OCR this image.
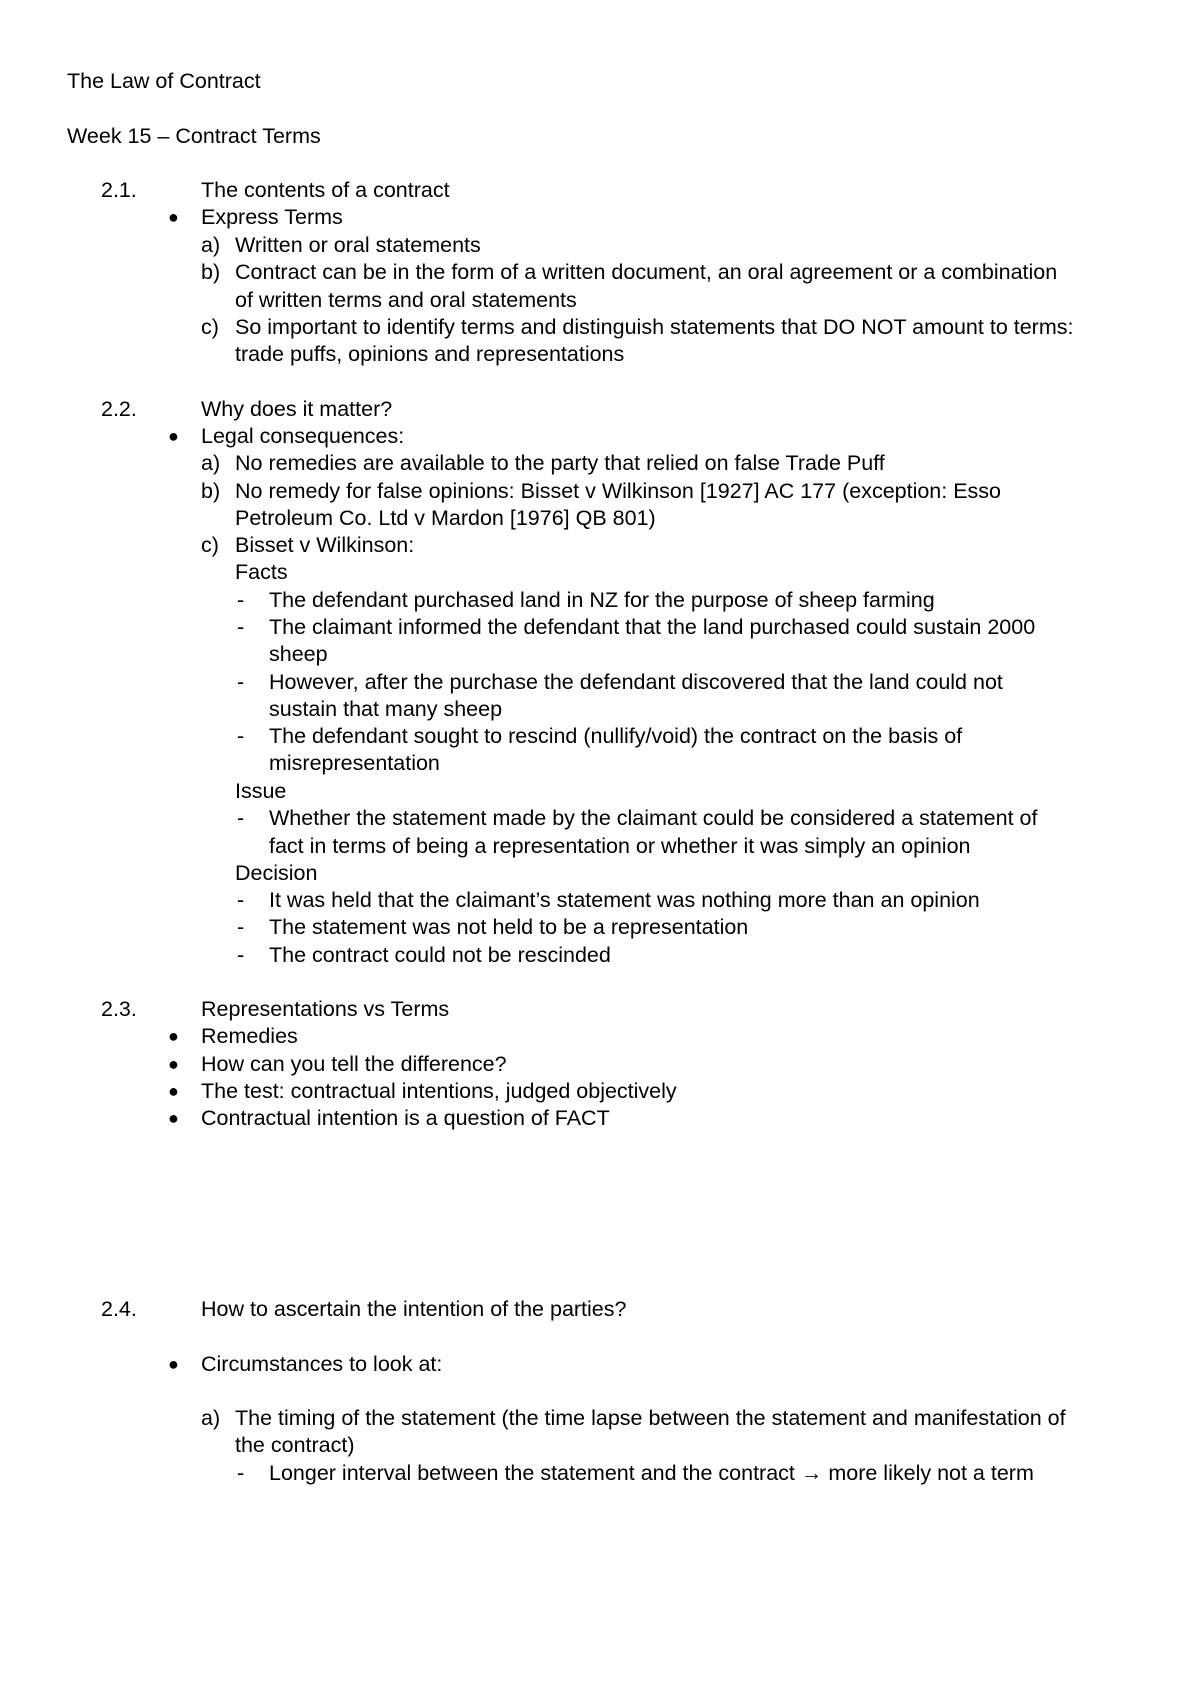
The Law of Contract
Week 15 – Contract Terms
2.1.	The contents of a contract
● Express Terms
a) Written or oral statements
b) Contract can be in the form of a written document, an oral agreement or a combination
of written terms and oral statements
c) So important to identify terms and distinguish statements that DO NOT amount to terms:
trade puffs, opinions and representations
2.2.	Why does it matter?
● Legal consequences:
a) No remedies are available to the party that relied on false Trade Puff
b) No remedy for false opinions: Bisset v Wilkinson [1927] AC 177 (exception: Esso
Petroleum Co. Ltd v Mardon [1976] QB 801)
c) Bisset v Wilkinson:
Facts
- The defendant purchased land in NZ for the purpose of sheep farming
- The claimant informed the defendant that the land purchased could sustain 2000
sheep
- However, after the purchase the defendant discovered that the land could not
sustain that many sheep
- The defendant sought to rescind (nullify/void) the contract on the basis of
misrepresentation
Issue
- Whether the statement made by the claimant could be considered a statement of
fact in terms of being a representation or whether it was simply an opinion
Decision
- It was held that the claimant’s statement was nothing more than an opinion
- The statement was not held to be a representation
- The contract could not be rescinded
2.3.	Representations vs Terms
● Remedies
● How can you tell the difference?
● The test: contractual intentions, judged objectively
● Contractual intention is a question of FACT
2.4.	How to ascertain the intention of the parties?
● Circumstances to look at:
a) The timing of the statement (the time lapse between the statement and manifestation of
the contract)
- Longer interval between the statement and the contract → more likely not a term
